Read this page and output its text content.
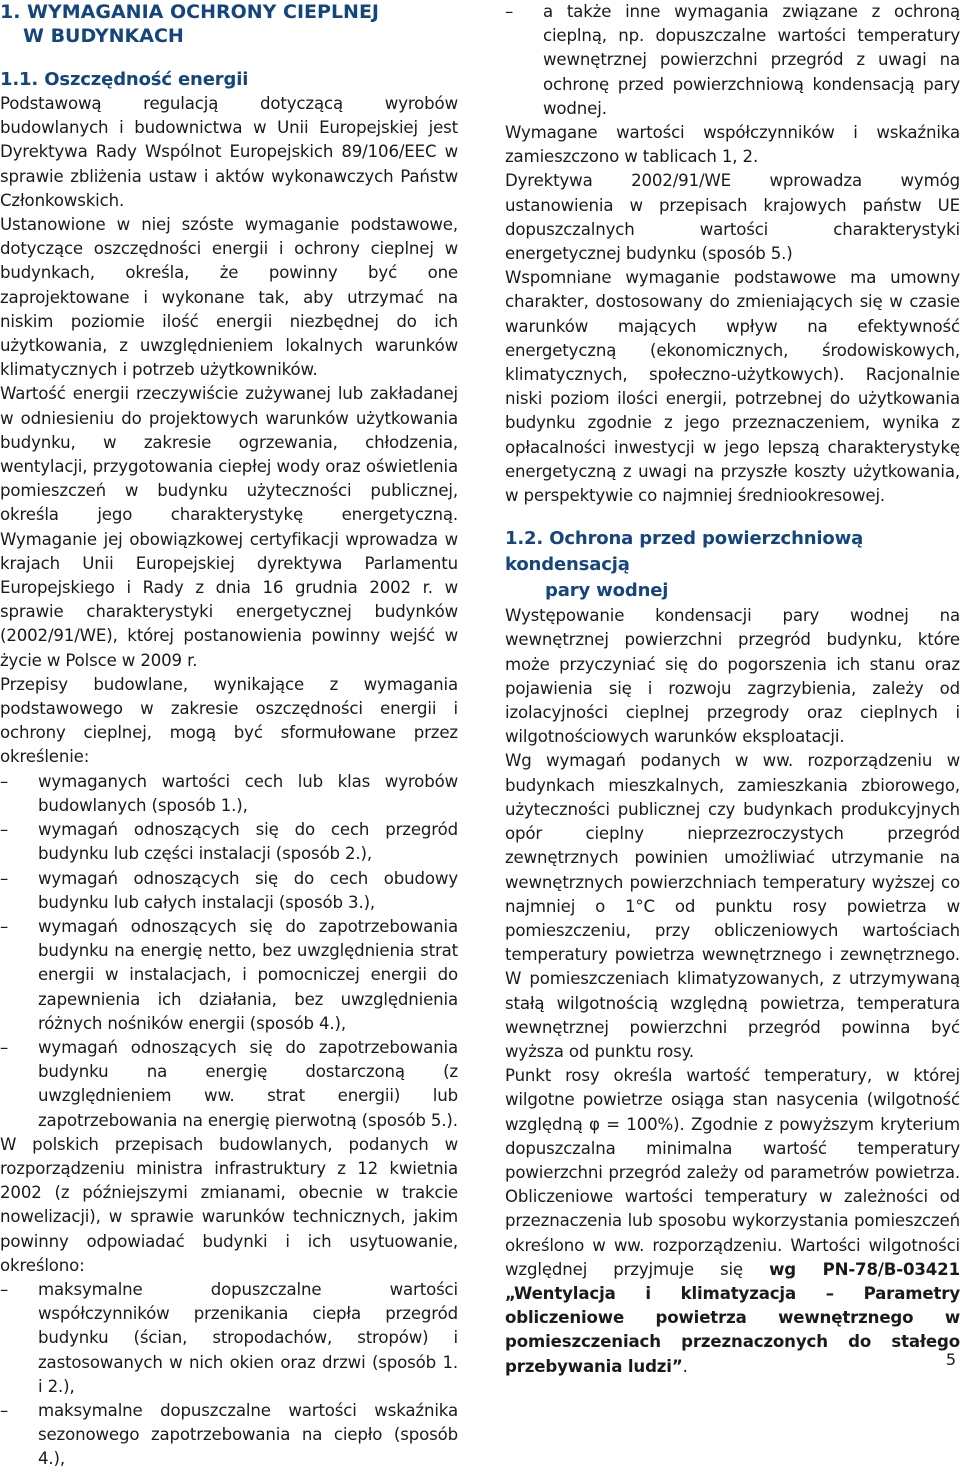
1. WYMAGANIA OCHRONY CIEPLNEJ
W BUDYNKACH
1.1. Oszczędność energii

Podstawową regulacją dotyczącą wyrobów budowlanych i budownictwa w Unii Europejskiej jest Dyrektywa Rady Wspólnot Europejskich 89/106/EEC w sprawie zbliżenia ustaw i aktów wykonawczych Państw Członkowskich.

Ustanowione w niej szóste wymaganie podstawowe, dotyczące oszczędności energii i ochrony cieplnej w budynkach, określa, że powinny być one zaprojektowane i wykonane tak, aby utrzymać na niskim poziomie ilość energii niezbędnej do ich użytkowania, z uwzględnieniem lokalnych warunków klimatycznych i potrzeb użytkowników.

Wartość energii rzeczywiście zużywanej lub zakładanej w odniesieniu do projektowych warunków użytkowania budynku, w zakresie ogrzewania, chłodzenia, wentylacji, przygotowania ciepłej wody oraz oświetlenia pomieszczeń w budynku użyteczności publicznej, określa jego charakterystykę energetyczną. Wymaganie jej obowiązkowej certyfikacji wprowadza w krajach Unii Europejskiej dyrektywa Parlamentu Europejskiego i Rady z dnia 16 grudnia 2002 r. w sprawie charakterystyki energetycznej budynków (2002/91/WE), której postanowienia powinny wejść w życie w Polsce w 2009 r.

Przepisy budowlane, wynikające z wymagania podstawowego w zakresie oszczędności energii i ochrony cieplnej, mogą być sformułowane przez określenie:

– wymaganych wartości cech lub klas wyrobów budowlanych (sposób 1.),
– wymagań odnoszących się do cech przegród budynku lub części instalacji (sposób 2.),
– wymagań odnoszących się do cech obudowy budynku lub całych instalacji (sposób 3.),
– wymagań odnoszących się do zapotrzebowania budynku na energię netto, bez uwzględnienia strat energii w instalacjach, i pomocniczej energii do zapewnienia ich działania, bez uwzględnienia różnych nośników energii (sposób 4.),
– wymagań odnoszących się do zapotrzebowania budynku na energię dostarczoną (z uwzględnieniem ww. strat energii) lub zapotrzebowania na energię pierwotną (sposób 5.).

W polskich przepisach budowlanych, podanych w rozporządzeniu ministra infrastruktury z 12 kwietnia 2002 (z późniejszymi zmianami, obecnie w trakcie nowelizacji), w sprawie warunków technicznych, jakim powinny odpowiadać budynki i ich usytuowanie, określono:

– maksymalne dopuszczalne wartości współczynników przenikania ciepła przegród budynku (ścian, stropodachów, stropów) i zastosowanych w nich okien oraz drzwi (sposób 1. i 2.),
– maksymalne dopuszczalne wartości wskaźnika sezonowego zapotrzebowania na ciepło (sposób 4.),
– a także inne wymagania związane z ochroną cieplną, np. dopuszczalne wartości temperatury wewnętrznej powierzchni przegród z uwagi na ochronę przed powierzchniową kondensacją pary wodnej.

Wymagane wartości współczynników i wskaźnika zamieszczono w tablicach 1, 2.

Dyrektywa 2002/91/WE wprowadza wymóg ustanowienia w przepisach krajowych państw UE dopuszczalnych wartości charakterystyki energetycznej budynku (sposób 5.)

Wspomniane wymaganie podstawowe ma umowny charakter, dostosowany do zmieniających się w czasie warunków mających wpływ na efektywność energetyczną (ekonomicznych, środowiskowych, klimatycznych, społeczno-użytkowych). Racjonalnie niski poziom ilości energii, potrzebnej do użytkowania budynku zgodnie z jego przeznaczeniem, wynika z opłacalności inwestycji w jego lepszą charakterystykę energetyczną z uwagi na przyszłe koszty użytkowania, w perspektywie co najmniej średniookresowej.

1.2. Ochrona przed powierzchniową kondensacją
pary wodnej

Występowanie kondensacji pary wodnej na wewnętrznej powierzchni przegród budynku, które może przyczyniać się do pogorszenia ich stanu oraz pojawienia się i rozwoju zagrzybienia, zależy od izolacyjności cieplnej przegrody oraz cieplnych i wilgotnościowych warunków eksploatacji.

Wg wymagań podanych w ww. rozporządzeniu w budynkach mieszkalnych, zamieszkania zbiorowego, użyteczności publicznej czy budynkach produkcyjnych opór cieplny nieprzezroczystych przegród zewnętrznych powinien umożliwiać utrzymanie na wewnętrznych powierzchniach temperatury wyższej co najmniej o 1°C od punktu rosy powietrza w pomieszczeniu, przy obliczeniowych wartościach temperatury powietrza wewnętrznego i zewnętrznego. W pomieszczeniach klimatyzowanych, z utrzymywaną stałą wilgotnością względną powietrza, temperatura wewnętrznej powierzchni przegród powinna być wyższa od punktu rosy.

Punkt rosy określa wartość temperatury, w której wilgotne powietrze osiąga stan nasycenia (wilgotność względną φ = 100%). Zgodnie z powyższym kryterium dopuszczalna minimalna wartość temperatury powierzchni przegród zależy od parametrów powietrza. Obliczeniowe wartości temperatury w zależności od przeznaczenia lub sposobu wykorzystania pomieszczeń określono w ww. rozporządzeniu. Wartości wilgotności względnej przyjmuje się wg PN-78/B-03421 „Wentylacja i klimatyzacja – Parametry obliczeniowe powietrza wewnętrznego w pomieszczeniach przeznaczonych do stałego przebywania ludzi”.	5
